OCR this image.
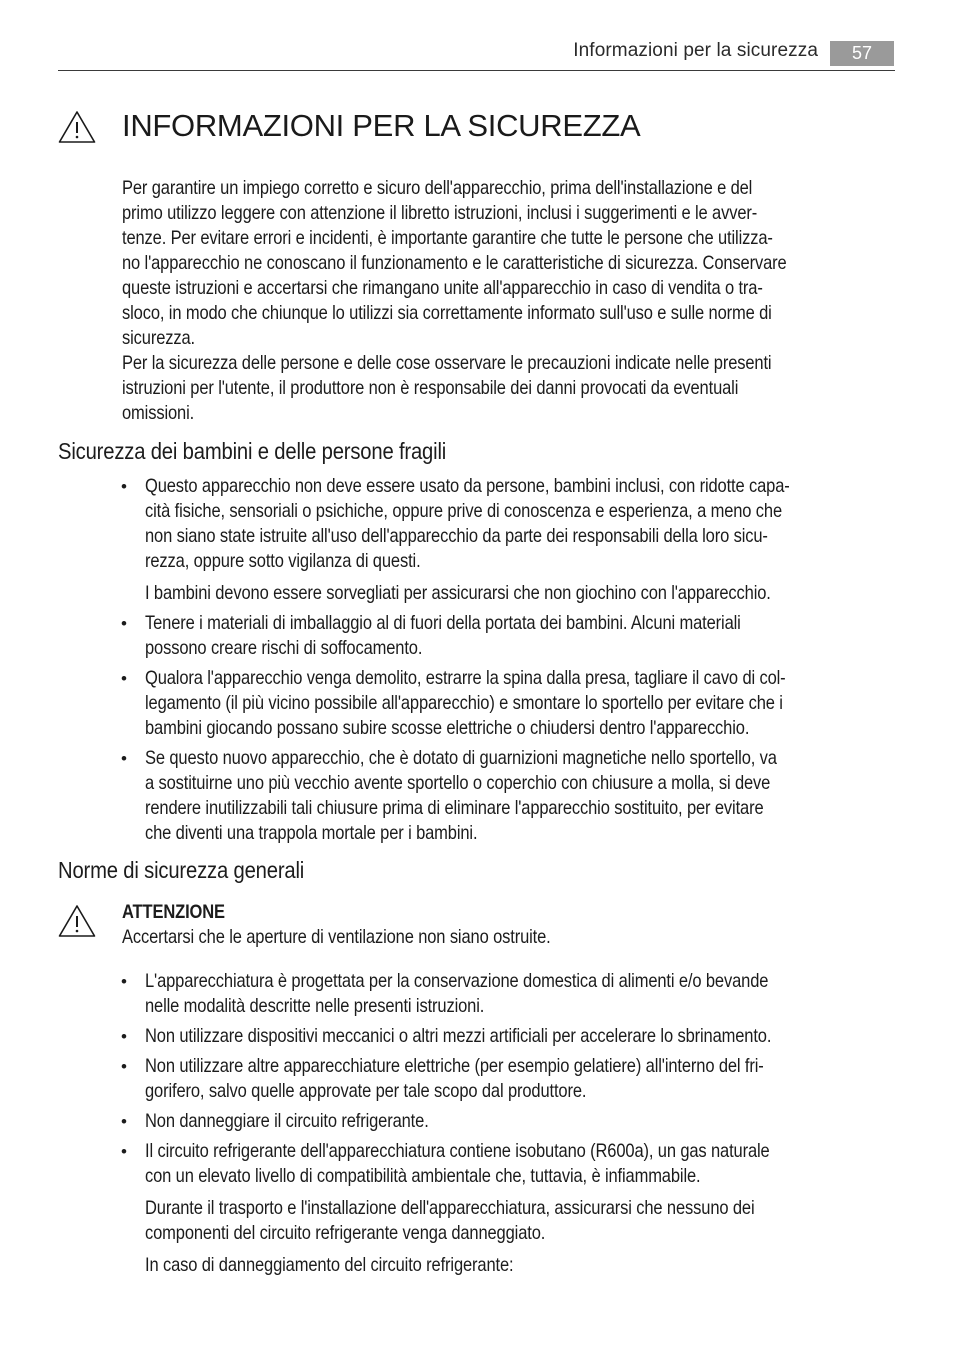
Informazioni per la sicurezza	57
INFORMAZIONI PER LA SICUREZZA

Per garantire un impiego corretto e sicuro dell'apparecchio, prima dell'installazione e del

primo utilizzo leggere con attenzione il libretto istruzioni, inclusi i suggerimenti e le avver-

tenze. Per evitare errori e incidenti, è importante garantire che tutte le persone che utilizza-

no l'apparecchio ne conoscano il funzionamento e le caratteristiche di sicurezza. Conservare

queste istruzioni e accertarsi che rimangano unite all'apparecchio in caso di vendita o tra-

sloco, in modo che chiunque lo utilizzi sia correttamente informato sull'uso e sulle norme di

sicurezza.

Per la sicurezza delle persone e delle cose osservare le precauzioni indicate nelle presenti

istruzioni per l'utente, il produttore non è responsabile dei danni provocati da eventuali

omissioni.

Sicurezza dei bambini e delle persone fragili
• Questo apparecchio non deve essere usato da persone, bambini inclusi, con ridotte capa-

cità fisiche, sensoriali o psichiche, oppure prive di conoscenza e esperienza, a meno che

non siano state istruite all'uso dell'apparecchio da parte dei responsabili della loro sicu-

rezza, oppure sotto vigilanza di questi.

I bambini devono essere sorvegliati per assicurarsi che non giochino con l'apparecchio.

• Tenere i materiali di imballaggio al di fuori della portata dei bambini. Alcuni materiali

possono creare rischi di soffocamento.

• Qualora l'apparecchio venga demolito, estrarre la spina dalla presa, tagliare il cavo di col-

legamento (il più vicino possibile all'apparecchio) e smontare lo sportello per evitare che i

bambini giocando possano subire scosse elettriche o chiudersi dentro l'apparecchio.

• Se questo nuovo apparecchio, che è dotato di guarnizioni magnetiche nello sportello, va

a sostituirne uno più vecchio avente sportello o coperchio con chiusure a molla, si deve

rendere inutilizzabili tali chiusure prima di eliminare l'apparecchio sostituito, per evitare

che diventi una trappola mortale per i bambini.

Norme di sicurezza generali

ATTENZIONE

Accertarsi che le aperture di ventilazione non siano ostruite.

• L'apparecchiatura è progettata per la conservazione domestica di alimenti e/o bevande

nelle modalità descritte nelle presenti istruzioni.

• Non utilizzare dispositivi meccanici o altri mezzi artificiali per accelerare lo sbrinamento.

• Non utilizzare altre apparecchiature elettriche (per esempio gelatiere) all'interno del fri-

gorifero, salvo quelle approvate per tale scopo dal produttore.

• Non danneggiare il circuito refrigerante.

• Il circuito refrigerante dell'apparecchiatura contiene isobutano (R600a), un gas naturale

con un elevato livello di compatibilità ambientale che, tuttavia, è infiammabile.

Durante il trasporto e l'installazione dell'apparecchiatura, assicurarsi che nessuno dei

componenti del circuito refrigerante venga danneggiato.

In caso di danneggiamento del circuito refrigerante:
